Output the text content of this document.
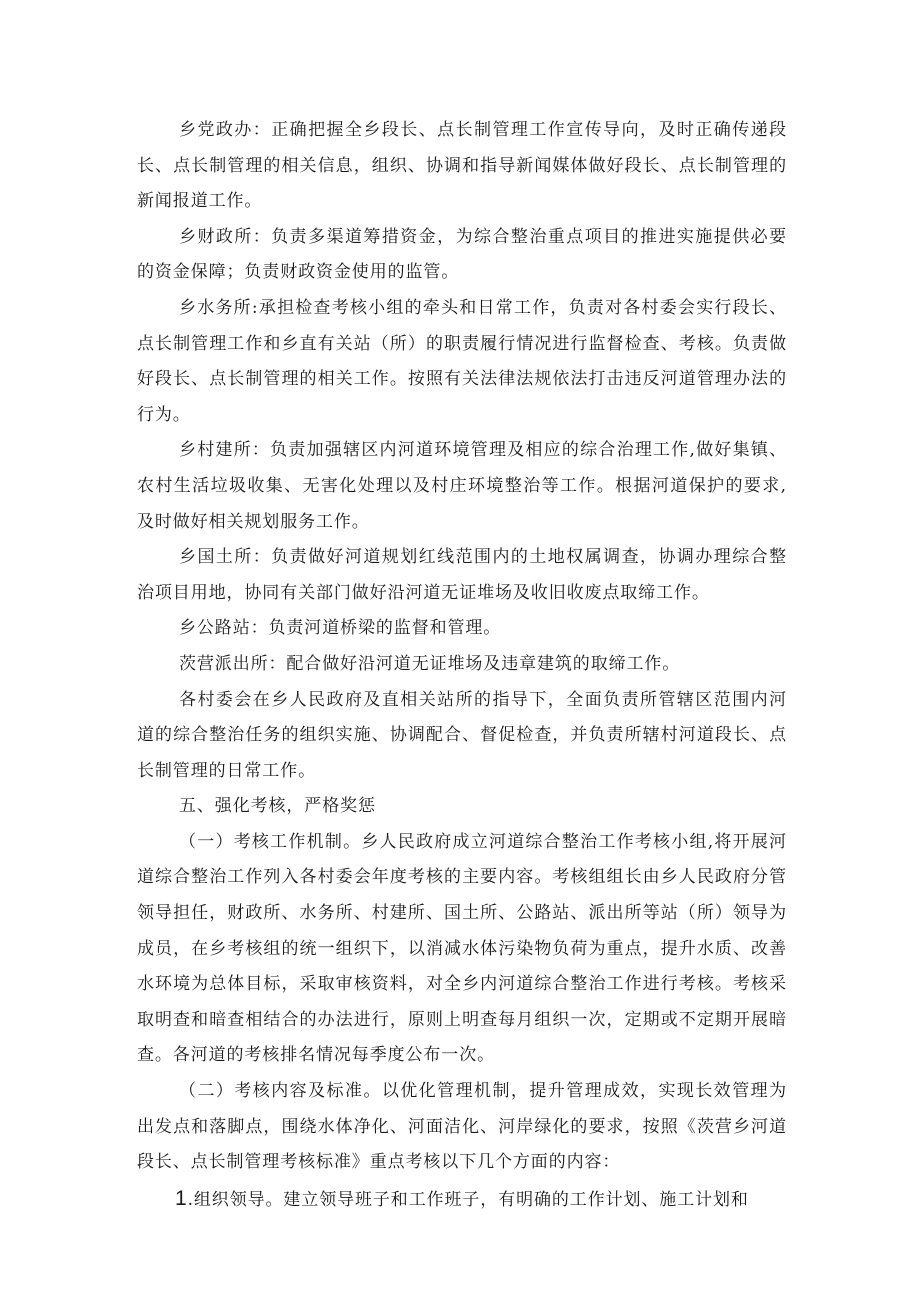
乡党政办：正确把握全乡段长、点长制管理工作宣传导向，及时正确传递段长、点长制管理的相关信息，组织、协调和指导新闻媒体做好段长、点长制管理的新闻报道工作。

乡财政所：负责多渠道筹措资金，为综合整治重点项目的推进实施提供必要的资金保障；负责财政资金使用的监管。

乡水务所:承担检查考核小组的牵头和日常工作，负责对各村委会实行段长、点长制管理工作和乡直有关站（所）的职责履行情况进行监督检查、考核。负责做好段长、点长制管理的相关工作。按照有关法律法规依法打击违反河道管理办法的行为。

乡村建所：负责加强辖区内河道环境管理及相应的综合治理工作,做好集镇、农村生活垃圾收集、无害化处理以及村庄环境整治等工作。根据河道保护的要求,及时做好相关规划服务工作。

乡国土所：负责做好河道规划红线范围内的土地权属调查，协调办理综合整治项目用地，协同有关部门做好沿河道无证堆场及收旧收废点取缔工作。

乡公路站：负责河道桥梁的监督和管理。

茨营派出所：配合做好沿河道无证堆场及违章建筑的取缔工作。

各村委会在乡人民政府及直相关站所的指导下，全面负责所管辖区范围内河道的综合整治任务的组织实施、协调配合、督促检查，并负责所辖村河道段长、点长制管理的日常工作。

五、强化考核，严格奖惩

（一）考核工作机制。乡人民政府成立河道综合整治工作考核小组,将开展河道综合整治工作列入各村委会年度考核的主要内容。考核组组长由乡人民政府分管领导担任，财政所、水务所、村建所、国土所、公路站、派出所等站（所）领导为成员，在乡考核组的统一组织下，以消减水体污染物负荷为重点，提升水质、改善水环境为总体目标，采取审核资料，对全乡内河道综合整治工作进行考核。考核采取明查和暗查相结合的办法进行，原则上明查每月组织一次，定期或不定期开展暗查。各河道的考核排名情况每季度公布一次。

（二）考核内容及标准。以优化管理机制，提升管理成效，实现长效管理为出发点和落脚点，围绕水体净化、河面洁化、河岸绿化的要求，按照《茨营乡河道段长、点长制管理考核标准》重点考核以下几个方面的内容：

1.组织领导。建立领导班子和工作班子，有明确的工作计划、施工计划和
